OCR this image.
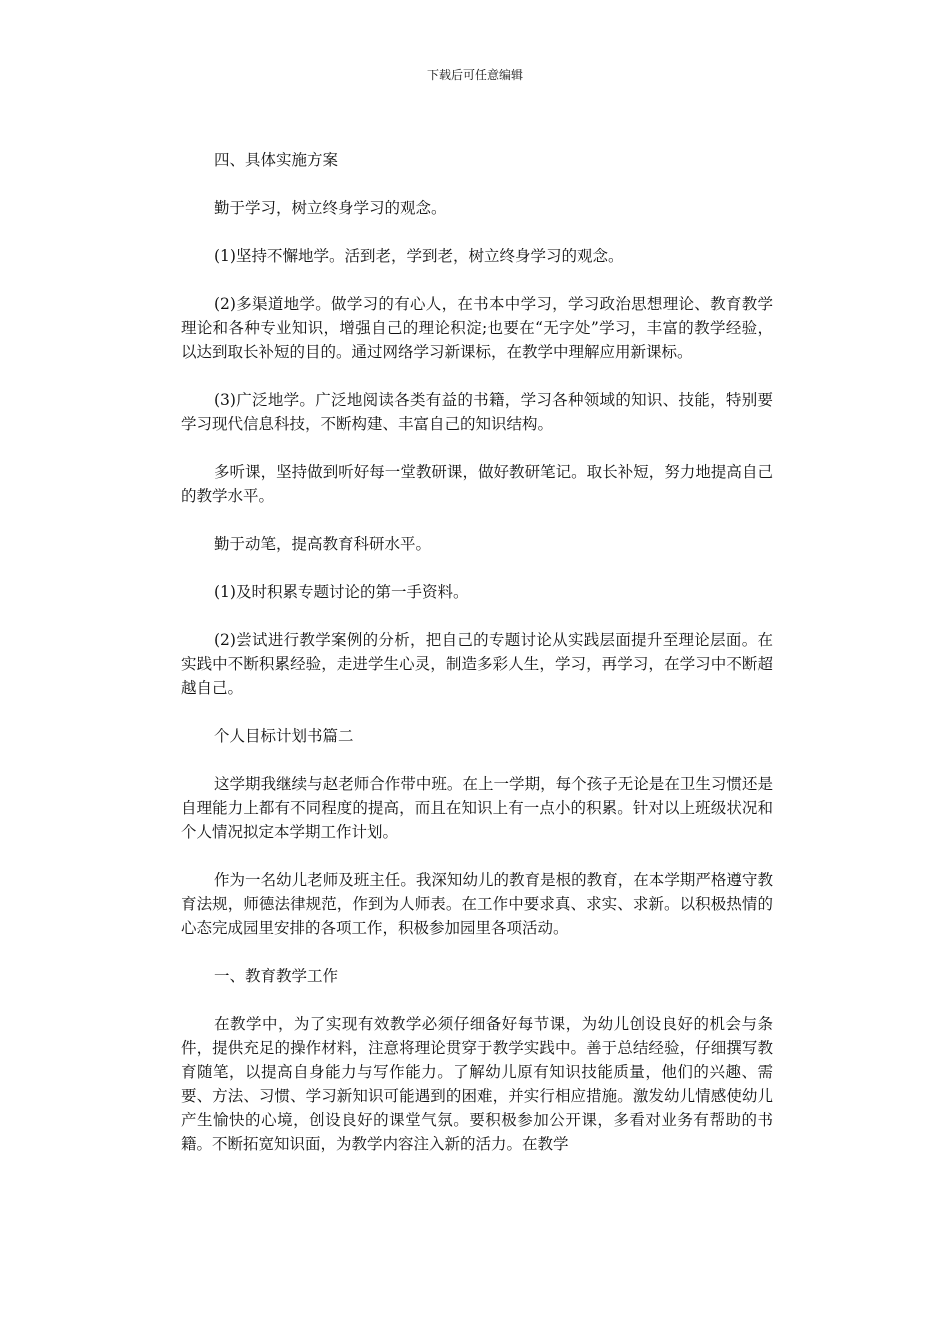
下载后可任意编辑

四、具体实施方案

勤于学习，树立终身学习的观念。

(1)坚持不懈地学。活到老，学到老，树立终身学习的观念。

(2)多渠道地学。做学习的有心人，在书本中学习，学习政治思想理论、教育教学理论和各种专业知识，增强自己的理论积淀;也要在“无字处”学习，丰富的教学经验，以达到取长补短的目的。通过网络学习新课标，在教学中理解应用新课标。

(3)广泛地学。广泛地阅读各类有益的书籍，学习各种领域的知识、技能，特别要学习现代信息科技，不断构建、丰富自己的知识结构。

多听课，坚持做到听好每一堂教研课，做好教研笔记。取长补短，努力地提高自己的教学水平。

勤于动笔，提高教育科研水平。

(1)及时积累专题讨论的第一手资料。

(2)尝试进行教学案例的分析，把自己的专题讨论从实践层面提升至理论层面。在实践中不断积累经验，走进学生心灵，制造多彩人生，学习，再学习，在学习中不断超越自己。

个人目标计划书篇二

这学期我继续与赵老师合作带中班。在上一学期，每个孩子无论是在卫生习惯还是自理能力上都有不同程度的提高，而且在知识上有一点小的积累。针对以上班级状况和个人情况拟定本学期工作计划。

作为一名幼儿老师及班主任。我深知幼儿的教育是根的教育，在本学期严格遵守教育法规，师德法律规范，作到为人师表。在工作中要求真、求实、求新。以积极热情的心态完成园里安排的各项工作，积极参加园里各项活动。

一、教育教学工作

在教学中，为了实现有效教学必须仔细备好每节课，为幼儿创设良好的机会与条件，提供充足的操作材料，注意将理论贯穿于教学实践中。善于总结经验，仔细撰写教育随笔，以提高自身能力与写作能力。了解幼儿原有知识技能质量，他们的兴趣、需要、方法、习惯、学习新知识可能遇到的困难，并实行相应措施。激发幼儿情感使幼儿产生愉快的心境，创设良好的课堂气氛。要积极参加公开课，多看对业务有帮助的书籍。不断拓宽知识面，为教学内容注入新的活力。在教学
